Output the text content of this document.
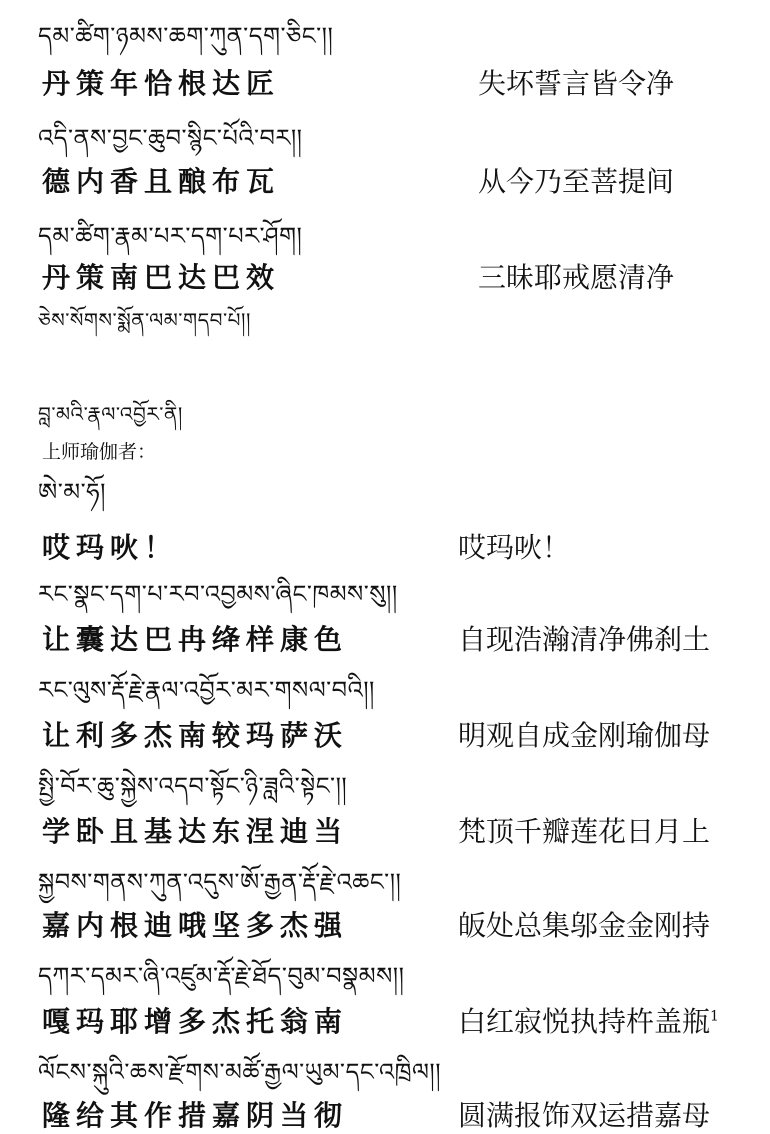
དམ་ཚིག་ཉམས་ཆག་ཀུན་དག་ཅིང་།།
丹策年恰根达匠	失坏誓言皆令净
འདི་ནས་བྱང་ཆུབ་སྙིང་པོའི་བར།།
德内香且酿布瓦	从今乃至菩提间
དམ་ཚིག་རྣམ་པར་དག་པར་ཤོག།
丹策南巴达巴效	三昧耶戒愿清净
ཅེས་སོགས་སྨོན་ལམ་གདབ་པོ།།
བླ་མའི་རྣལ་འབྱོར་ནི།
上师瑜伽者：
ཨེ་མ་ཧོ།
哎玛吙！	哎玛吙！
རང་སྣང་དག་པ་རབ་འབྱམས་ཞིང་ཁམས་སུ།།
让囊达巴冉绛样康色	自现浩瀚清净佛刹土
རང་ལུས་རྡོ་རྗེ་རྣལ་འབྱོར་མར་གསལ་བའི།།
让利多杰南较玛萨沃	明观自成金刚瑜伽母
སྤྱི་བོར་ཆུ་སྐྱེས་འདབ་སྟོང་ཉི་ཟླའི་སྟེང་།།
学卧且基达东涅迪当	梵顶千瓣莲花日月上
སྐྱབས་གནས་ཀུན་འདུས་ཨོ་རྒྱན་རྡོ་རྗེ་འཆང་།།
嘉内根迪哦坚多杰强	皈处总集邬金金刚持
དཀར་དམར་ཞི་འཛུམ་རྡོ་རྗེ་ཐོད་བུམ་བསྣམས།།
嘎玛耶增多杰托翁南	白红寂悦执持杵盖瓶$^1$
ལོངས་སྐུའི་ཆས་རྫོགས་མཚོ་རྒྱལ་ཡུམ་དང་འཁྲིལ།།
隆给其作措嘉阴当彻	圆满报饰双运措嘉母
